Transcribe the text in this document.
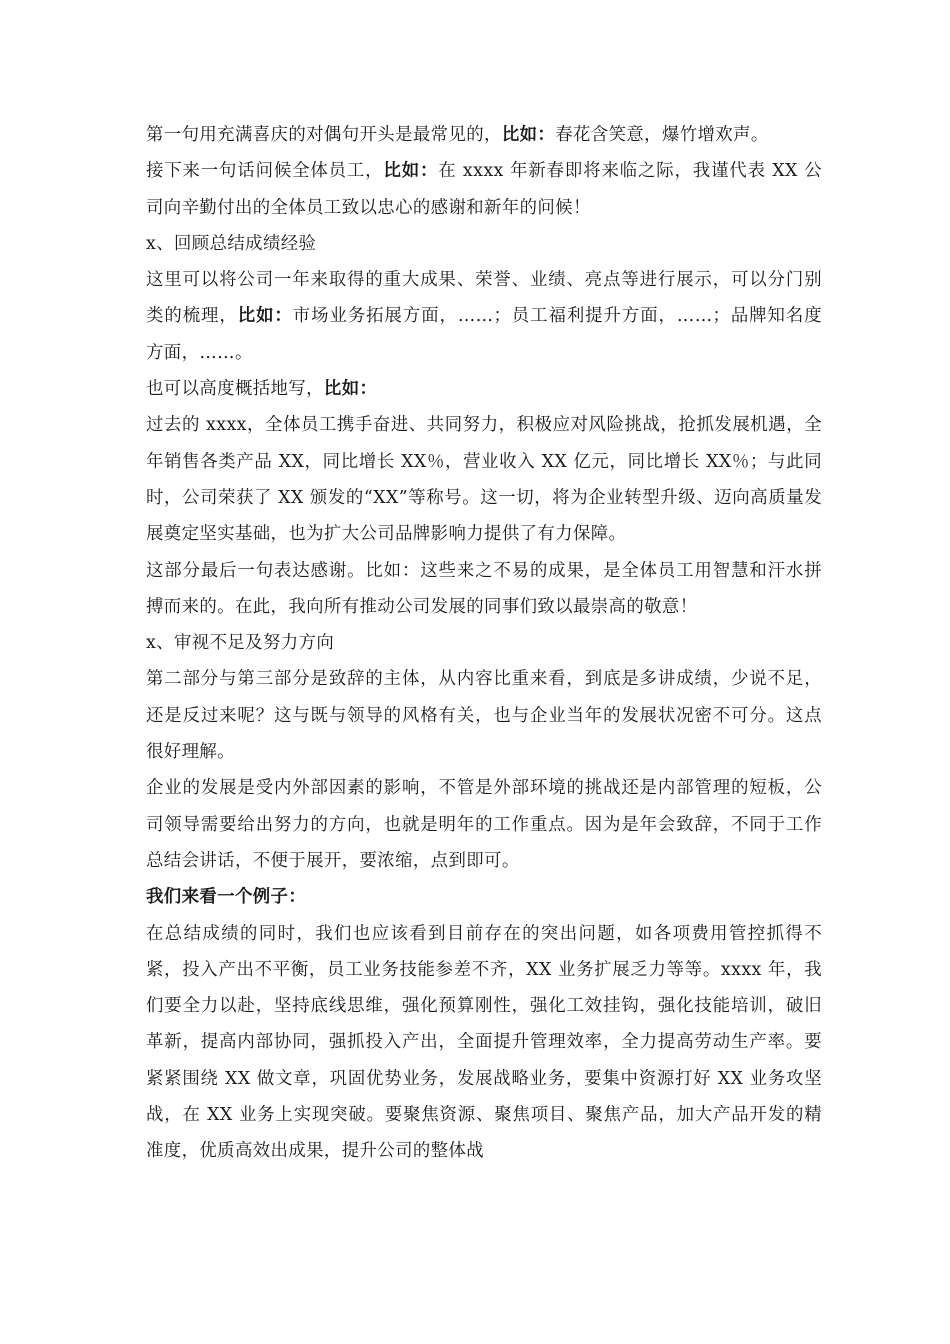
第一句用充满喜庆的对偶句开头是最常见的，比如：春花含笑意，爆竹增欢声。

接下来一句话问候全体员工，比如：在 xxxx 年新春即将来临之际，我谨代表 XX 公司向辛勤付出的全体员工致以忠心的感谢和新年的问候！

x、回顾总结成绩经验

这里可以将公司一年来取得的重大成果、荣誉、业绩、亮点等进行展示，可以分门别类的梳理，比如：市场业务拓展方面，……；员工福利提升方面，……；品牌知名度方面，……。

也可以高度概括地写，比如：

过去的 xxxx，全体员工携手奋进、共同努力，积极应对风险挑战，抢抓发展机遇，全年销售各类产品 XX，同比增长 XX％，营业收入 XX 亿元，同比增长 XX％；与此同时，公司荣获了 XX 颁发的“XX”等称号。这一切，将为企业转型升级、迈向高质量发展奠定坚实基础，也为扩大公司品牌影响力提供了有力保障。

这部分最后一句表达感谢。比如：这些来之不易的成果，是全体员工用智慧和汗水拼搏而来的。在此，我向所有推动公司发展的同事们致以最崇高的敬意！

x、审视不足及努力方向

第二部分与第三部分是致辞的主体，从内容比重来看，到底是多讲成绩，少说不足，还是反过来呢？这与既与领导的风格有关，也与企业当年的发展状况密不可分。这点很好理解。

企业的发展是受内外部因素的影响，不管是外部环境的挑战还是内部管理的短板，公司领导需要给出努力的方向，也就是明年的工作重点。因为是年会致辞，不同于工作总结会讲话，不便于展开，要浓缩，点到即可。

我们来看一个例子：

在总结成绩的同时，我们也应该看到目前存在的突出问题，如各项费用管控抓得不紧，投入产出不平衡，员工业务技能参差不齐，XX 业务扩展乏力等等。xxxx 年，我们要全力以赴，坚持底线思维，强化预算刚性，强化工效挂钩，强化技能培训，破旧革新，提高内部协同，强抓投入产出，全面提升管理效率，全力提高劳动生产率。要紧紧围绕 XX 做文章，巩固优势业务，发展战略业务，要集中资源打好 XX 业务攻坚战，在 XX 业务上实现突破。要聚焦资源、聚焦项目、聚焦产品，加大产品开发的精准度，优质高效出成果，提升公司的整体战
